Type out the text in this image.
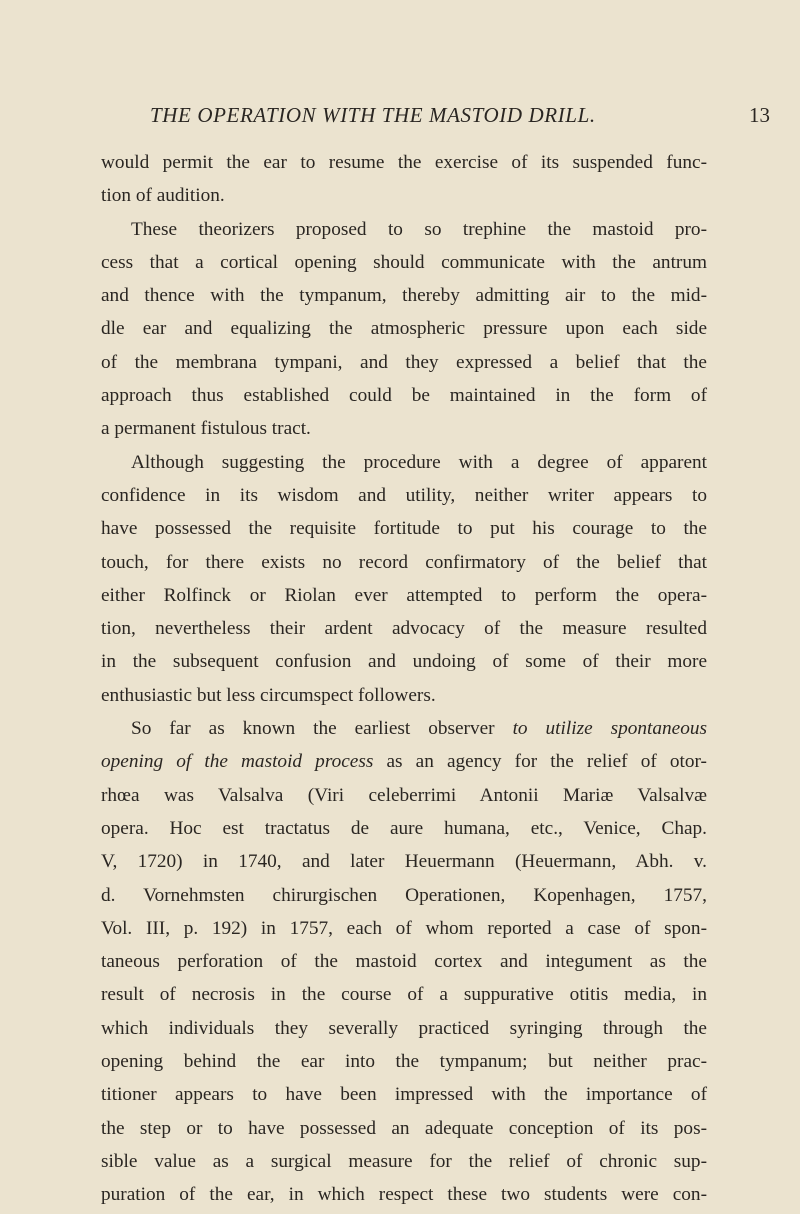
THE OPERATION WITH THE MASTOID DRILL.	13
would permit the ear to resume the exercise of its suspended func-
tion of audition.
These theorizers proposed to so trephine the mastoid pro-
cess that a cortical opening should communicate with the antrum
and thence with the tympanum, thereby admitting air to the mid-
dle ear and equalizing the atmospheric pressure upon each side
of the membrana tympani, and they expressed a belief that the
approach thus established could be maintained in the form of
a permanent fistulous tract.
Although suggesting the procedure with a degree of apparent
confidence in its wisdom and utility, neither writer appears to
have possessed the requisite fortitude to put his courage to the
touch, for there exists no record confirmatory of the belief that
either Rolfinck or Riolan ever attempted to perform the opera-
tion, nevertheless their ardent advocacy of the measure resulted
in the subsequent confusion and undoing of some of their more
enthusiastic but less circumspect followers.
So far as known the earliest observer to utilize spontaneous
opening of the mastoid process as an agency for the relief of otor-
rhœa was Valsalva (Viri celeberrimi Antonii Mariæ Valsalvæ
opera. Hoc est tractatus de aure humana, etc., Venice, Chap.
V, 1720) in 1740, and later Heuermann (Heuermann, Abh. v.
d. Vornehmsten chirurgischen Operationen, Kopenhagen, 1757,
Vol. III, p. 192) in 1757, each of whom reported a case of spon-
taneous perforation of the mastoid cortex and integument as the
result of necrosis in the course of a suppurative otitis media, in
which individuals they severally practiced syringing through the
opening behind the ear into the tympanum; but neither prac-
titioner appears to have been impressed with the importance of
the step or to have possessed an adequate conception of its pos-
sible value as a surgical measure for the relief of chronic sup-
puration of the ear, in which respect these two students were con-
